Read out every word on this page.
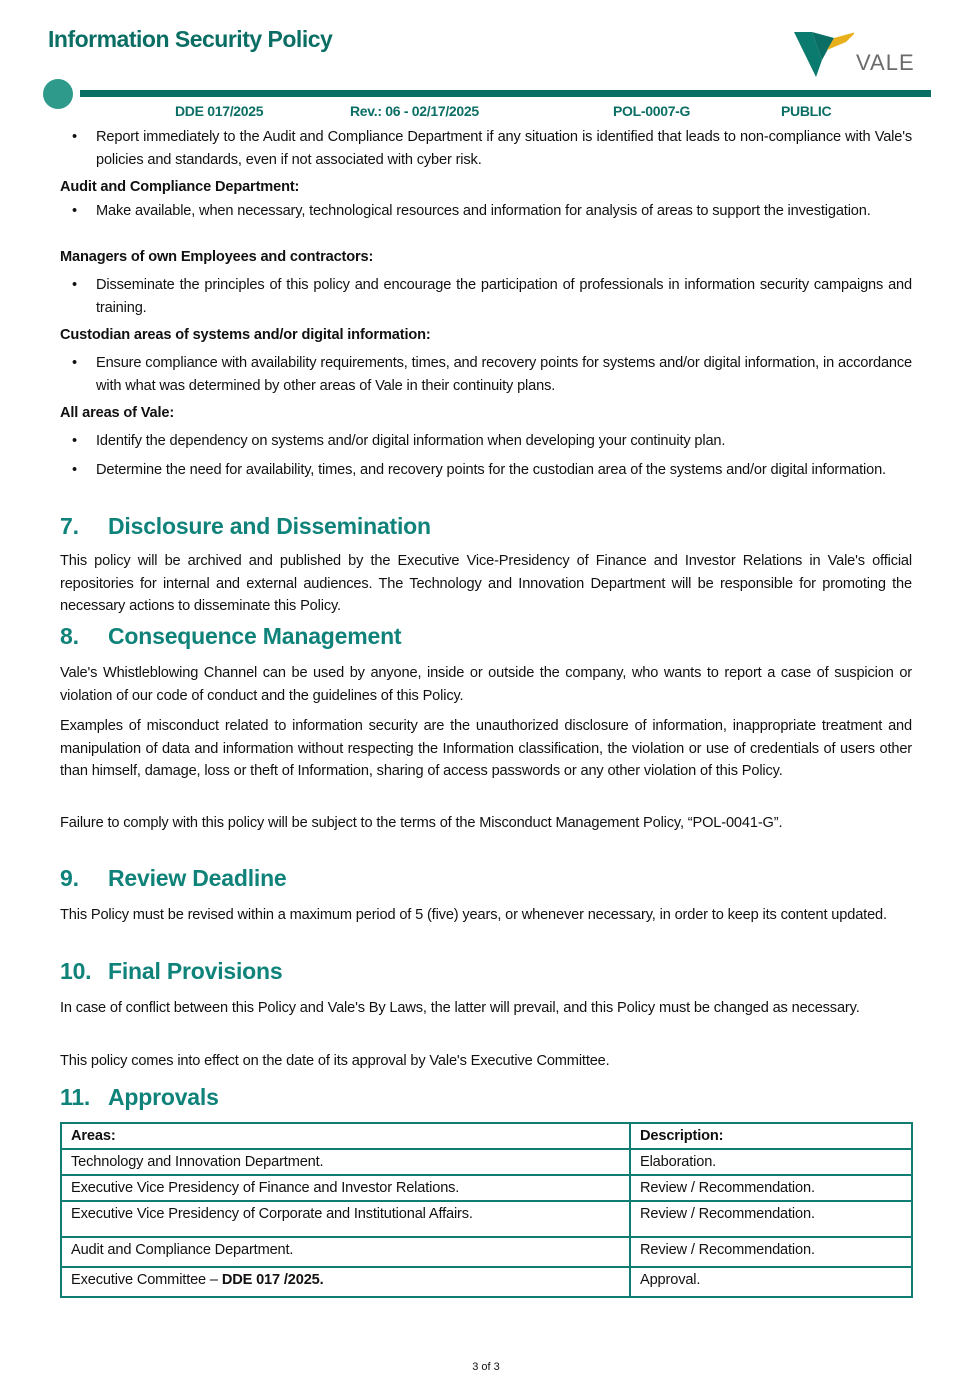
Information Security Policy
VALE
DDE 017/2025	Rev.: 06 - 02/17/2025	POL-0007-G	PUBLIC
• Report immediately to the Audit and Compliance Department if any situation is identified that leads to non-compliance with Vale's policies and standards, even if not associated with cyber risk.
Audit and Compliance Department:
• Make available, when necessary, technological resources and information for analysis of areas to support the investigation.
Managers of own Employees and contractors:
• Disseminate the principles of this policy and encourage the participation of professionals in information security campaigns and training.
Custodian areas of systems and/or digital information:
• Ensure compliance with availability requirements, times, and recovery points for systems and/or digital information, in accordance with what was determined by other areas of Vale in their continuity plans.
All areas of Vale:
• Identify the dependency on systems and/or digital information when developing your continuity plan.
• Determine the need for availability, times, and recovery points for the custodian area of the systems and/or digital information.
7. Disclosure and Dissemination
This policy will be archived and published by the Executive Vice-Presidency of Finance and Investor Relations in Vale's official repositories for internal and external audiences. The Technology and Innovation Department will be responsible for promoting the necessary actions to disseminate this Policy.
8. Consequence Management
Vale's Whistleblowing Channel can be used by anyone, inside or outside the company, who wants to report a case of suspicion or violation of our code of conduct and the guidelines of this Policy.
Examples of misconduct related to information security are the unauthorized disclosure of information, inappropriate treatment and manipulation of data and information without respecting the Information classification, the violation or use of credentials of users other than himself, damage, loss or theft of Information, sharing of access passwords or any other violation of this Policy.
Failure to comply with this policy will be subject to the terms of the Misconduct Management Policy, “POL-0041-G”.
9. Review Deadline
This Policy must be revised within a maximum period of 5 (five) years, or whenever necessary, in order to keep its content updated.
10. Final Provisions
In case of conflict between this Policy and Vale's By Laws, the latter will prevail, and this Policy must be changed as necessary.
This policy comes into effect on the date of its approval by Vale's Executive Committee.
11. Approvals
Areas:	Description:
Technology and Innovation Department.	Elaboration.
Executive Vice Presidency of Finance and Investor Relations.	Review / Recommendation.
Executive Vice Presidency of Corporate and Institutional Affairs.	Review / Recommendation.
Audit and Compliance Department.	Review / Recommendation.
Executive Committee – DDE 017 /2025.	Approval.
3 of 3
